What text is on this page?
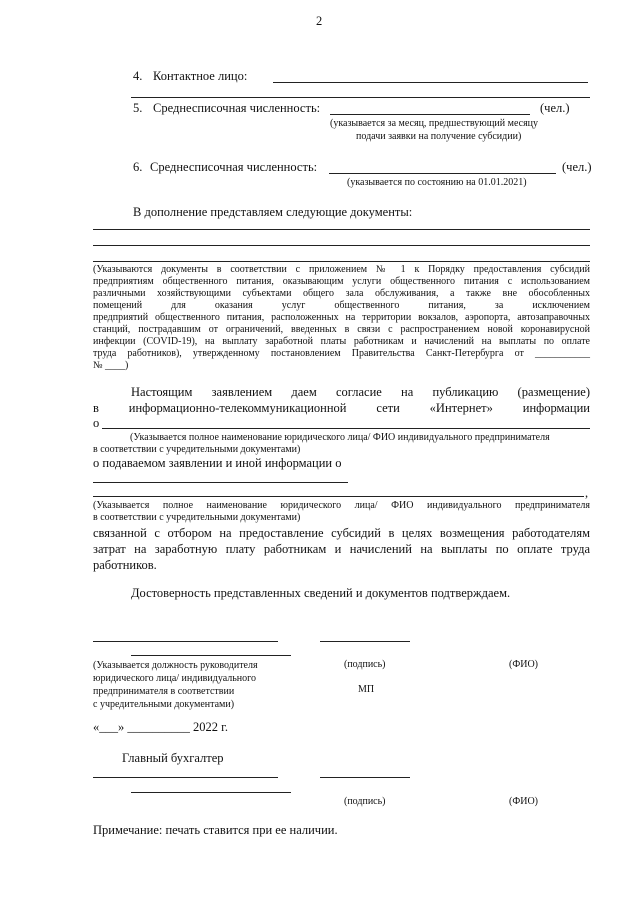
2
4. Контактное лицо:
5. Среднесписочная численность:	(чел.)
(указывается за месяц, предшествующий месяцу
подачи заявки на получение субсидии)
6. Среднесписочная численность:	(чел.)
(указывается по состоянию на 01.01.2021)
В дополнение представляем следующие документы:
(Указываются документы в соответствии с приложением № 1 к Порядку предоставления субсидий
предприятиям общественного питания, оказывающим услуги общественного питания с использованием
различными хозяйствующими субъектами общего зала обслуживания, а также вне обособленных
помещений для оказания услуг общественного питания, за исключением
предприятий общественного питания, расположенных на территории вокзалов, аэропорта, автозаправочных
станций, пострадавшим от ограничений, введенных в связи с распространением новой коронавирусной
инфекции (COVID-19), на выплату заработной платы работникам и начислений на выплаты по оплате
труда работников), утвержденному постановлением Правительства Санкт-Петербурга от ___________
№ ____)
Настоящим заявлением даем согласие на публикацию (размещение)
в информационно-телекоммуникационной сети «Интернет» информации
о
(Указывается полное наименование юридического лица/ ФИО индивидуального предпринимателя
в соответствии с учредительными документами)
о подаваемом заявлении и иной информации о
,
(Указывается полное наименование юридического лица/ ФИО индивидуального предпринимателя
в соответствии с учредительными документами)
связанной с отбором на предоставление субсидий в целях возмещения работодателям
затрат на заработную плату работникам и начислений на выплаты по оплате труда
работников.
Достоверность представленных сведений и документов подтверждаем.
(Указывается должность руководителя
юридического лица/ индивидуального
предпринимателя в соответствии
с учредительными документами)
(подпись)	(ФИО)
МП
«___» __________ 2022 г.
Главный бухгалтер
(подпись)	(ФИО)
Примечание: печать ставится при ее наличии.
